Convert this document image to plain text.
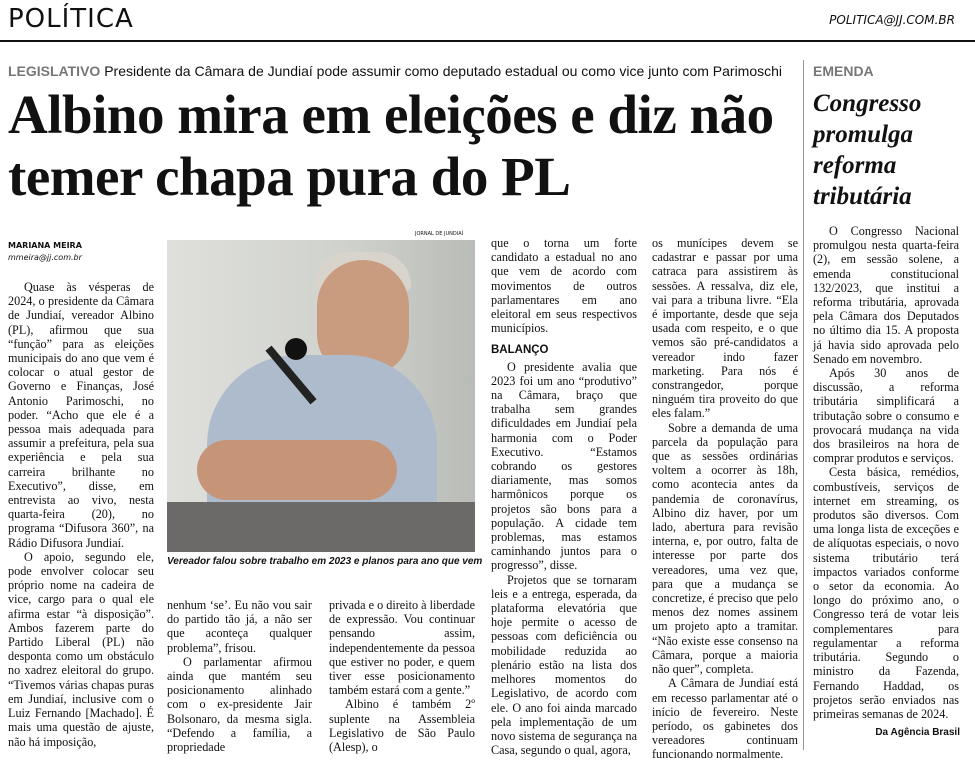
POLÍTICA	POLITICA@JJ.COM.BR
LEGISLATIVO Presidente da Câmara de Jundiaí pode assumir como deputado estadual ou como vice junto com Parimoschi
Albino mira em eleições e diz não temer chapa pura do PL
MARIANA MEIRA
mmeira@jj.com.br

Quase às vésperas de 2024, o presidente da Câmara de Jundiaí, vereador Albino (PL), afirmou que sua “função” para as eleições municipais do ano que vem é colocar o atual gestor de Governo e Finanças, José Antonio Parimoschi, no poder. “Acho que ele é a pessoa mais adequada para assumir a prefeitura, pela sua experiência e pela sua carreira brilhante no Executivo”, disse, em entrevista ao vivo, nesta quarta-feira (20), no programa “Difusora 360”, na Rádio Difusora Jundiaí.

O apoio, segundo ele, pode envolver colocar seu próprio nome na cadeira de vice, cargo para o qual ele afirma estar “à disposição”. Ambos fazerem parte do Partido Liberal (PL) não desponta como um obstáculo no xadrez eleitoral do grupo. “Tivemos várias chapas puras em Jundiaí, inclusive com o Luiz Fernando [Machado]. É mais uma questão de ajuste, não há imposição,

JORNAL DE JUNDIAÍ
Vereador falou sobre trabalho em 2023 e planos para ano que vem

nenhum ‘se’. Eu não vou sair do partido tão já, a não ser que aconteça qualquer problema”, frisou.

O parlamentar afirmou ainda que mantém seu posicionamento alinhado com o ex-presidente Jair Bolsonaro, da mesma sigla. “Defendo a família, a propriedade

privada e o direito à liberdade de expressão. Vou continuar pensando assim, independentemente da pessoa que estiver no poder, e quem tiver esse posicionamento também estará com a gente.”

Albino é também 2º suplente na Assembleia Legislativo de São Paulo (Alesp), o

que o torna um forte candidato a estadual no ano que vem de acordo com movimentos de outros parlamentares em ano eleitoral em seus respectivos municípios.

BALANÇO

O presidente avalia que 2023 foi um ano “produtivo” na Câmara, braço que trabalha sem grandes dificuldades em Jundiaí pela harmonia com o Poder Executivo. “Estamos cobrando os gestores diariamente, mas somos harmônicos porque os projetos são bons para a população. A cidade tem problemas, mas estamos caminhando juntos para o progresso”, disse.

Projetos que se tornaram leis e a entrega, esperada, da plataforma elevatória que hoje permite o acesso de pessoas com deficiência ou mobilidade reduzida ao plenário estão na lista dos melhores momentos do Legislativo, de acordo com ele. O ano foi ainda marcado pela implementação de um novo sistema de segurança na Casa, segundo o qual, agora,

os munícipes devem se cadastrar e passar por uma catraca para assistirem às sessões. A ressalva, diz ele, vai para a tribuna livre. “Ela é importante, desde que seja usada com respeito, e o que vemos são pré-candidatos a vereador indo fazer marketing. Para nós é constrangedor, porque ninguém tira proveito do que eles falam.”

Sobre a demanda de uma parcela da população para que as sessões ordinárias voltem a ocorrer às 18h, como acontecia antes da pandemia de coronavírus, Albino diz haver, por um lado, abertura para revisão interna, e, por outro, falta de interesse por parte dos vereadores, uma vez que, para que a mudança se concretize, é preciso que pelo menos dez nomes assinem um projeto apto a tramitar. “Não existe esse consenso na Câmara, porque a maioria não quer”, completa.

A Câmara de Jundiaí está em recesso parlamentar até o início de fevereiro. Neste período, os gabinetes dos vereadores continuam funcionando normalmente.

EMENDA
Congresso promulga reforma tributária

O Congresso Nacional promulgou nesta quarta-feira (2), em sessão solene, a emenda constitucional 132/2023, que institui a reforma tributária, aprovada pela Câmara dos Deputados no último dia 15. A proposta já havia sido aprovada pelo Senado em novembro.

Após 30 anos de discussão, a reforma tributária simplificará a tributação sobre o consumo e provocará mudança na vida dos brasileiros na hora de comprar produtos e serviços.

Cesta básica, remédios, combustíveis, serviços de internet em streaming, os produtos são diversos. Com uma longa lista de exceções e de alíquotas especiais, o novo sistema tributário terá impactos variados conforme o setor da economia. Ao longo do próximo ano, o Congresso terá de votar leis complementares para regulamentar a reforma tributária. Segundo o ministro da Fazenda, Fernando Haddad, os projetos serão enviados nas primeiras semanas de 2024.

Da Agência Brasil
